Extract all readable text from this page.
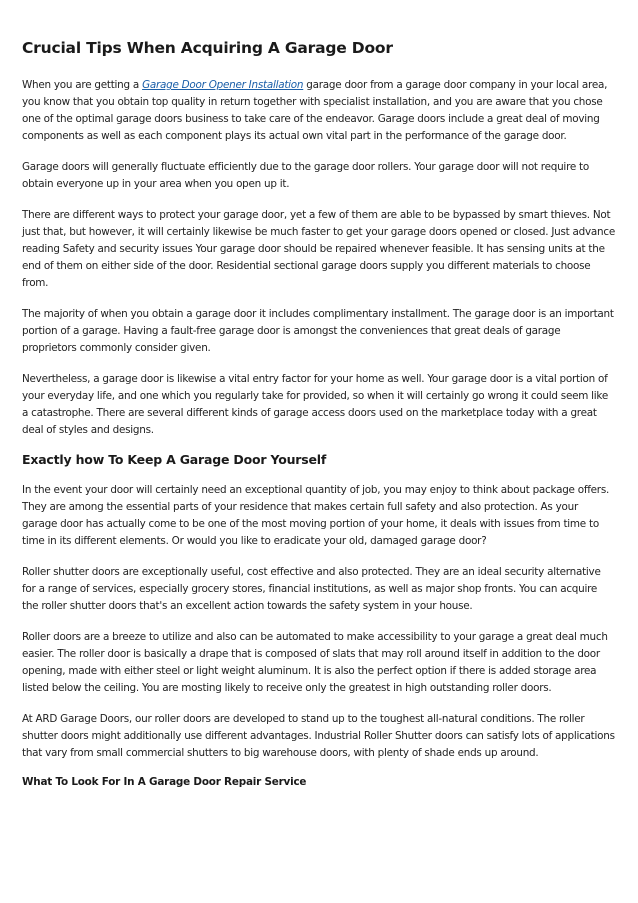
Crucial Tips When Acquiring A Garage Door

When you are getting a Garage Door Opener Installation garage door from a garage door company in your local area, you know that you obtain top quality in return together with specialist installation, and you are aware that you chose one of the optimal garage doors business to take care of the endeavor. Garage doors include a great deal of moving components as well as each component plays its actual own vital part in the performance of the garage door.

Garage doors will generally fluctuate efficiently due to the garage door rollers. Your garage door will not require to obtain everyone up in your area when you open up it.

There are different ways to protect your garage door, yet a few of them are able to be bypassed by smart thieves. Not just that, but however, it will certainly likewise be much faster to get your garage doors opened or closed. Just advance reading Safety and security issues Your garage door should be repaired whenever feasible. It has sensing units at the end of them on either side of the door. Residential sectional garage doors supply you different materials to choose from.

The majority of when you obtain a garage door it includes complimentary installment. The garage door is an important portion of a garage. Having a fault-free garage door is amongst the conveniences that great deals of garage proprietors commonly consider given.

Nevertheless, a garage door is likewise a vital entry factor for your home as well. Your garage door is a vital portion of your everyday life, and one which you regularly take for provided, so when it will certainly go wrong it could seem like a catastrophe. There are several different kinds of garage access doors used on the marketplace today with a great deal of styles and designs.

Exactly how To Keep A Garage Door Yourself

In the event your door will certainly need an exceptional quantity of job, you may enjoy to think about package offers. They are among the essential parts of your residence that makes certain full safety and also protection. As your garage door has actually come to be one of the most moving portion of your home, it deals with issues from time to time in its different elements. Or would you like to eradicate your old, damaged garage door?

Roller shutter doors are exceptionally useful, cost effective and also protected. They are an ideal security alternative for a range of services, especially grocery stores, financial institutions, as well as major shop fronts. You can acquire the roller shutter doors that's an excellent action towards the safety system in your house.

Roller doors are a breeze to utilize and also can be automated to make accessibility to your garage a great deal much easier. The roller door is basically a drape that is composed of slats that may roll around itself in addition to the door opening, made with either steel or light weight aluminum. It is also the perfect option if there is added storage area listed below the ceiling. You are mosting likely to receive only the greatest in high outstanding roller doors.

At ARD Garage Doors, our roller doors are developed to stand up to the toughest all-natural conditions. The roller shutter doors might additionally use different advantages. Industrial Roller Shutter doors can satisfy lots of applications that vary from small commercial shutters to big warehouse doors, with plenty of shade ends up around.

What To Look For In A Garage Door Repair Service
